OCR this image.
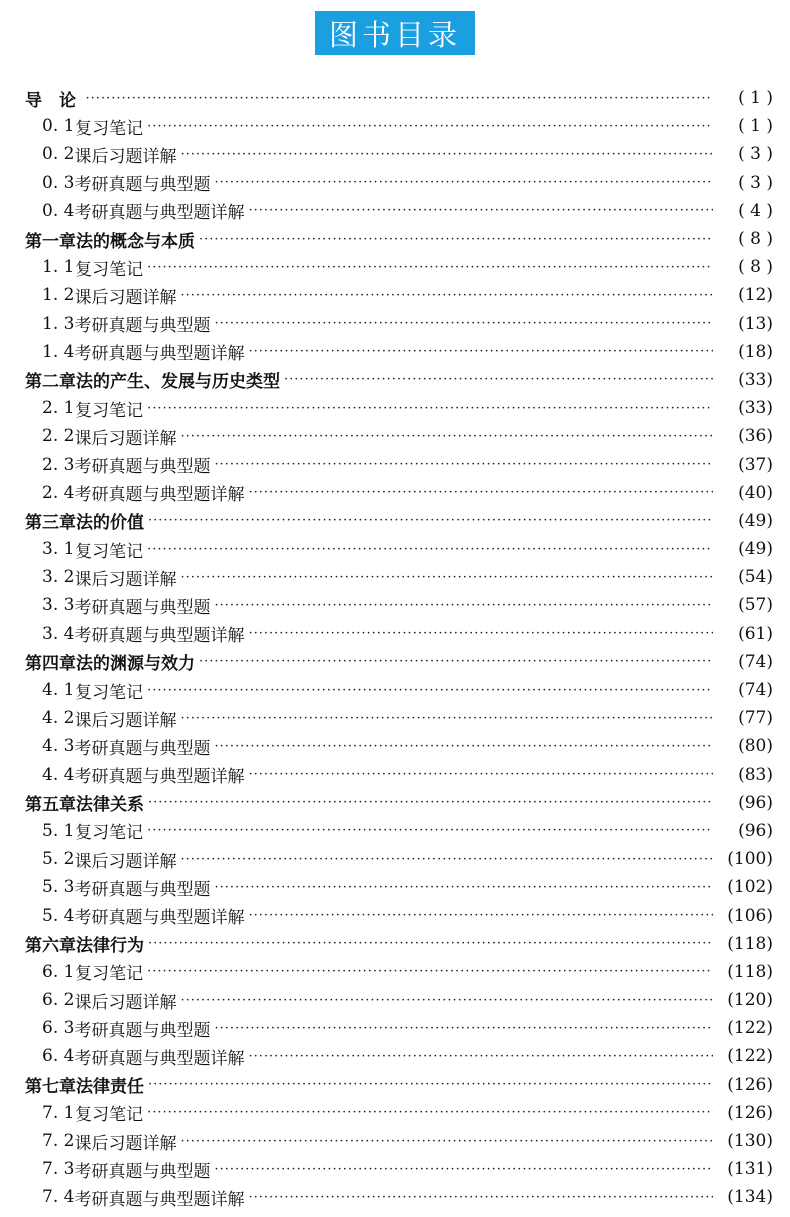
图书目录
导　论 ·····	( 1 )
0. 1 复习笔记 ·····	( 1 )
0. 2 课后习题详解 ·····	( 3 )
0. 3 考研真题与典型题 ·····	( 3 )
0. 4 考研真题与典型题详解 ·····	( 4 )
第一章 法的概念与本质 ·····	( 8 )
1. 1 复习笔记 ·····	( 8 )
1. 2 课后习题详解 ·····	(12)
1. 3 考研真题与典型题 ·····	(13)
1. 4 考研真题与典型题详解 ·····	(18)
第二章 法的产生、发展与历史类型 ·····	(33)
2. 1 复习笔记 ·····	(33)
2. 2 课后习题详解 ·····	(36)
2. 3 考研真题与典型题 ·····	(37)
2. 4 考研真题与典型题详解 ·····	(40)
第三章 法的价值 ·····	(49)
3. 1 复习笔记 ·····	(49)
3. 2 课后习题详解 ·····	(54)
3. 3 考研真题与典型题 ·····	(57)
3. 4 考研真题与典型题详解 ·····	(61)
第四章 法的渊源与效力 ·····	(74)
4. 1 复习笔记 ·····	(74)
4. 2 课后习题详解 ·····	(77)
4. 3 考研真题与典型题 ·····	(80)
4. 4 考研真题与典型题详解 ·····	(83)
第五章 法律关系 ·····	(96)
5. 1 复习笔记 ·····	(96)
5. 2 课后习题详解 ·····	(100)
5. 3 考研真题与典型题 ·····	(102)
5. 4 考研真题与典型题详解 ·····	(106)
第六章 法律行为 ·····	(118)
6. 1 复习笔记 ·····	(118)
6. 2 课后习题详解 ·····	(120)
6. 3 考研真题与典型题 ·····	(122)
6. 4 考研真题与典型题详解 ·····	(122)
第七章 法律责任 ·····	(126)
7. 1 复习笔记 ·····	(126)
7. 2 课后习题详解 ·····	(130)
7. 3 考研真题与典型题 ·····	(131)
7. 4 考研真题与典型题详解 ·····	(134)
